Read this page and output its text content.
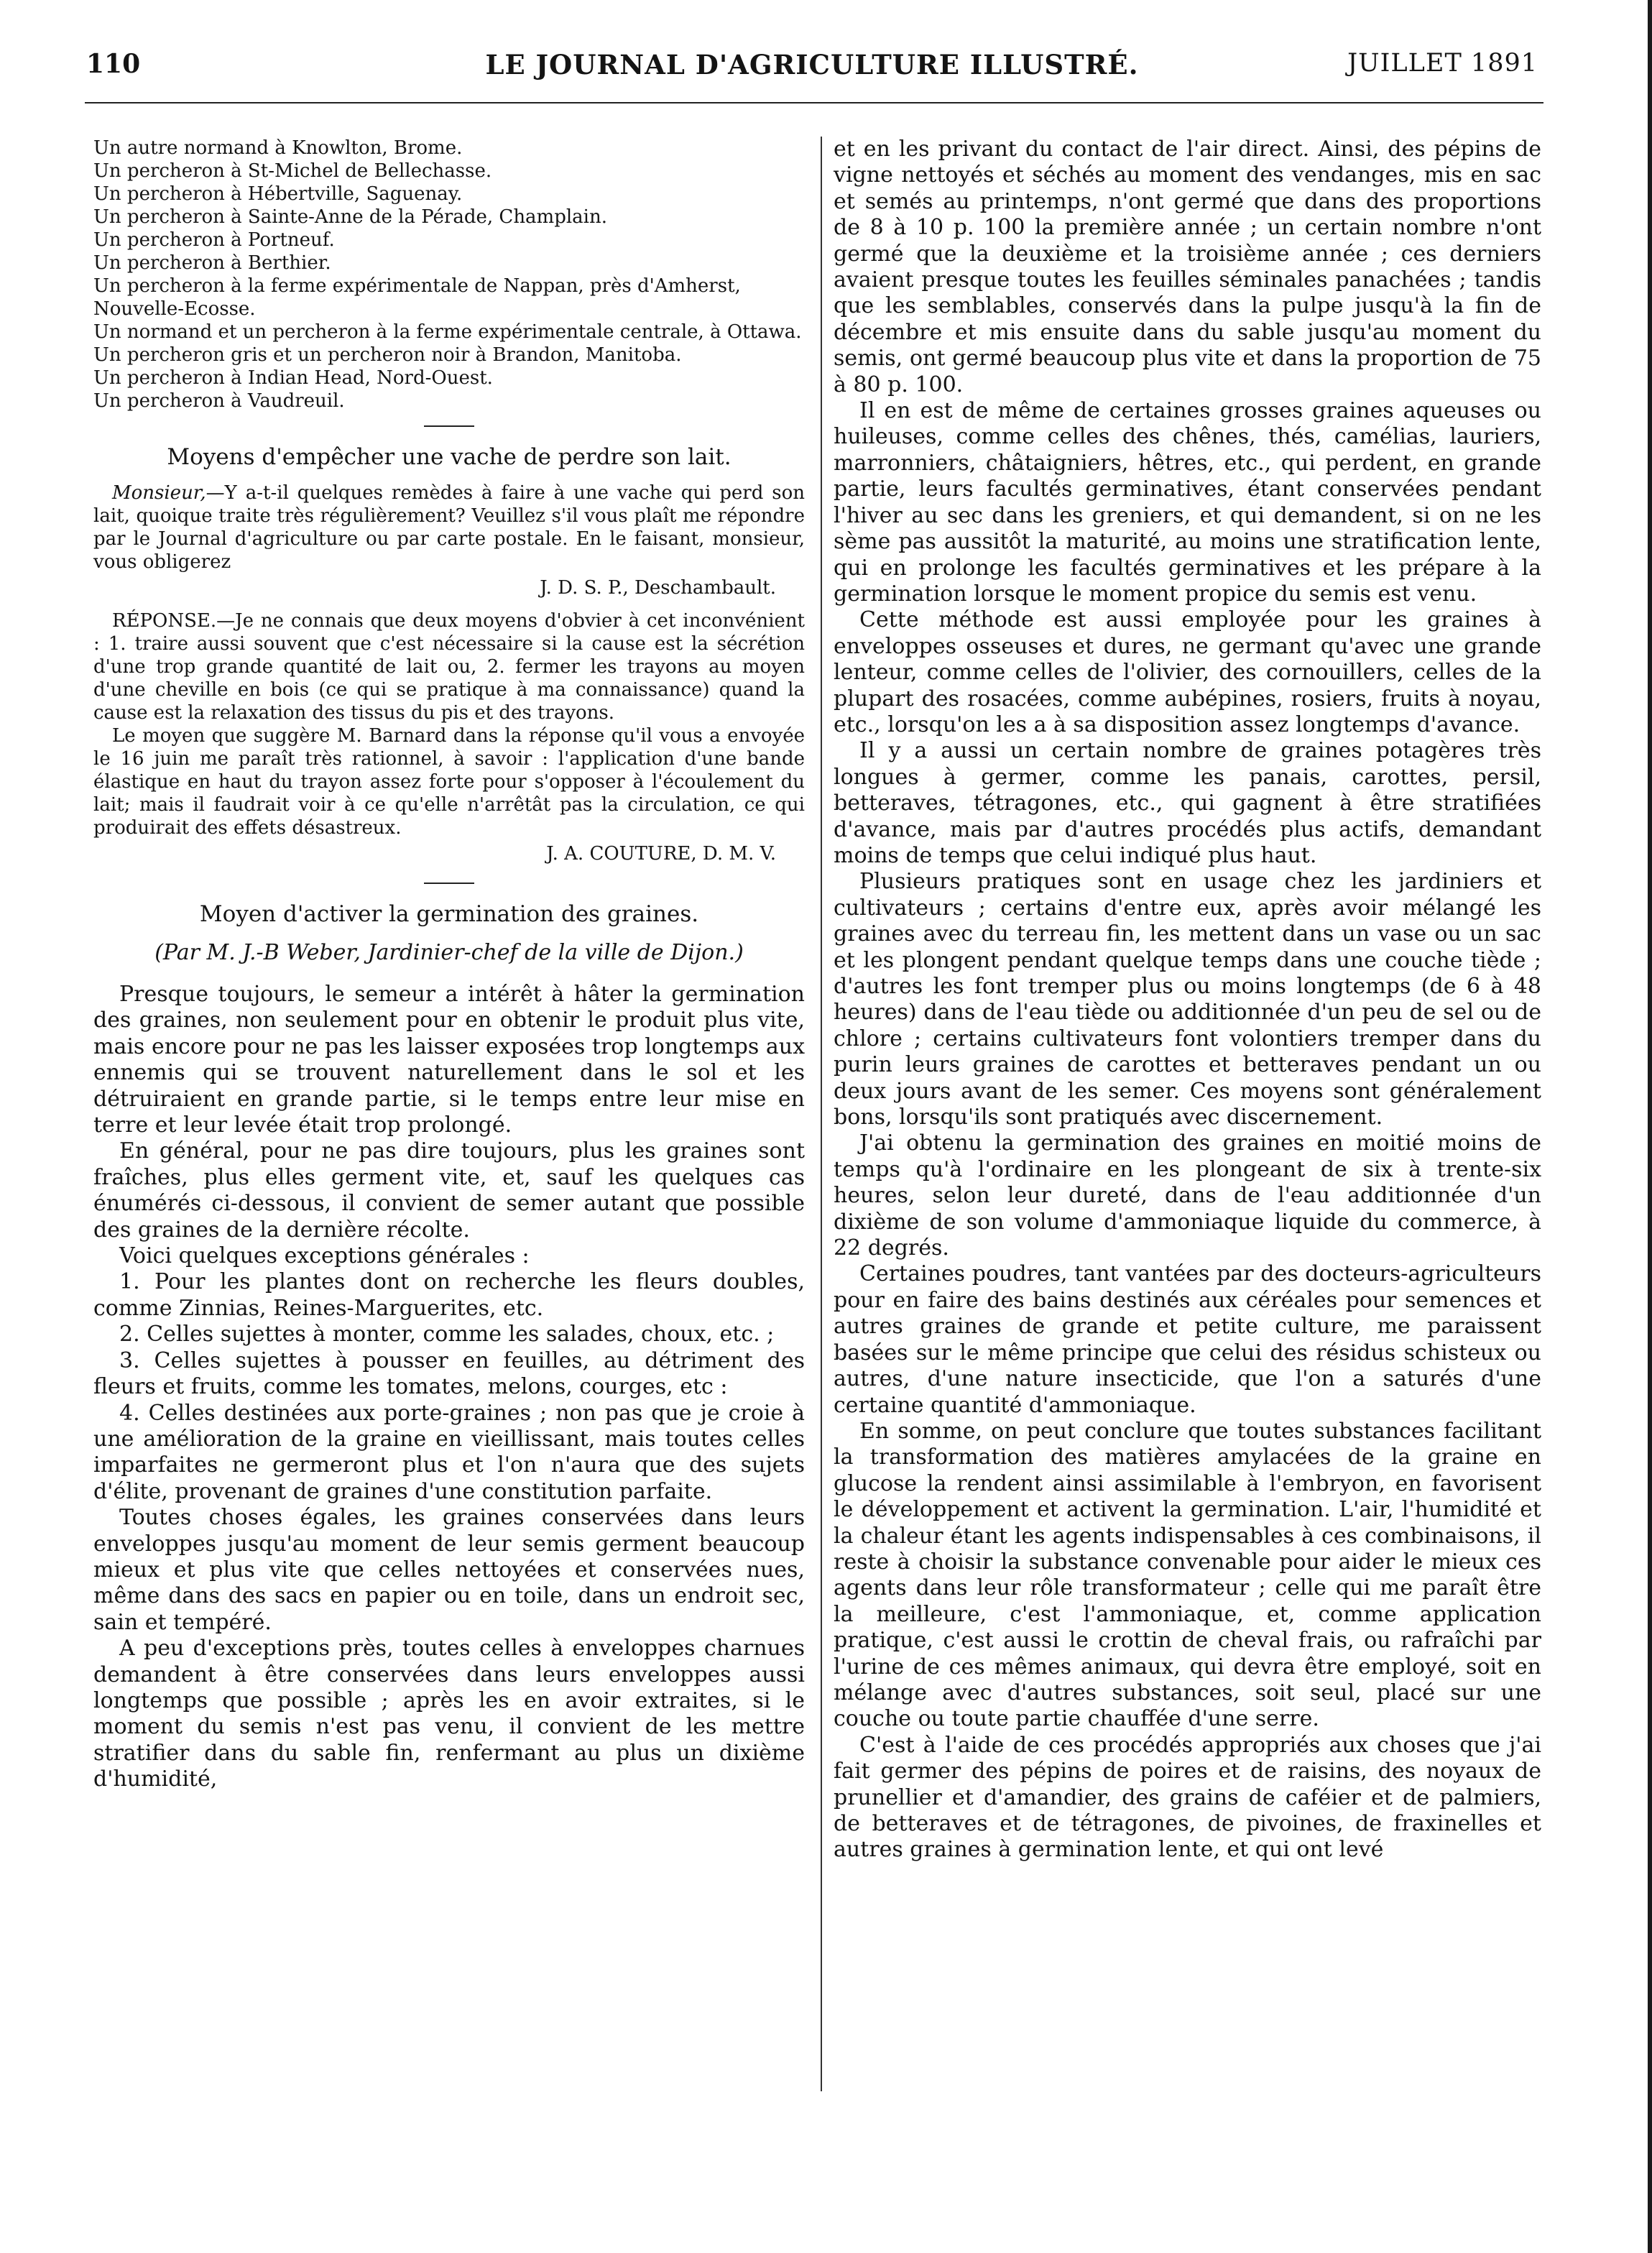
110	LE JOURNAL D'AGRICULTURE ILLUSTRÉ.	JUILLET 1891
Un autre normand à Knowlton, Brome.
Un percheron à St-Michel de Bellechasse.
Un percheron à Hébertville, Saguenay.
Un percheron à Sainte-Anne de la Pérade, Champlain.
Un percheron à Portneuf.
Un percheron à Berthier.
Un percheron à la ferme expérimentale de Nappan, près d'Amherst, Nouvelle-Ecosse.
Un normand et un percheron à la ferme expérimentale centrale, à Ottawa.
Un percheron gris et un percheron noir à Brandon, Manitoba.
Un percheron à Indian Head, Nord-Ouest.
Un percheron à Vaudreuil.
Moyens d'empêcher une vache de perdre son lait.

Monsieur,—Y a-t-il quelques remèdes à faire à une vache qui perd son lait, quoique traite très régulièrement? Veuillez s'il vous plaît me répondre par le Journal d'agriculture ou par carte postale. En le faisant, monsieur, vous obligerez

J. D. S. P., Deschambault.

RÉPONSE.—Je ne connais que deux moyens d'obvier à cet inconvénient : 1. traire aussi souvent que c'est nécessaire si la cause est la sécrétion d'une trop grande quantité de lait ou, 2. fermer les trayons au moyen d'une cheville en bois (ce qui se pratique à ma connaissance) quand la cause est la relaxation des tissus du pis et des trayons.

Le moyen que suggère M. Barnard dans la réponse qu'il vous a envoyée le 16 juin me paraît très rationnel, à savoir : l'application d'une bande élastique en haut du trayon assez forte pour s'opposer à l'écoulement du lait; mais il faudrait voir à ce qu'elle n'arrêtât pas la circulation, ce qui produirait des effets désastreux.

J. A. COUTURE, D. M. V.
Moyen d'activer la germination des graines.
(Par M. J.-B Weber, Jardinier-chef de la ville de Dijon.)

Presque toujours, le semeur a intérêt à hâter la germination des graines, non seulement pour en obtenir le produit plus vite, mais encore pour ne pas les laisser exposées trop longtemps aux ennemis qui se trouvent naturellement dans le sol et les détruiraient en grande partie, si le temps entre leur mise en terre et leur levée était trop prolongé.

En général, pour ne pas dire toujours, plus les graines sont fraîches, plus elles germent vite, et, sauf les quelques cas énumérés ci-dessous, il convient de semer autant que possible des graines de la dernière récolte.

Voici quelques exceptions générales :

1. Pour les plantes dont on recherche les fleurs doubles, comme Zinnias, Reines-Marguerites, etc.

2. Celles sujettes à monter, comme les salades, choux, etc. ;

3. Celles sujettes à pousser en feuilles, au détriment des fleurs et fruits, comme les tomates, melons, courges, etc :

4. Celles destinées aux porte-graines ; non pas que je croie à une amélioration de la graine en vieillissant, mais toutes celles imparfaites ne germeront plus et l'on n'aura que des sujets d'élite, provenant de graines d'une constitution parfaite.

Toutes choses égales, les graines conservées dans leurs enveloppes jusqu'au moment de leur semis germent beaucoup mieux et plus vite que celles nettoyées et conservées nues, même dans des sacs en papier ou en toile, dans un endroit sec, sain et tempéré.

A peu d'exceptions près, toutes celles à enveloppes charnues demandent à être conservées dans leurs enveloppes aussi longtemps que possible ; après les en avoir extraites, si le moment du semis n'est pas venu, il convient de les mettre stratifier dans du sable fin, renfermant au plus un dixième d'humidité,

et en les privant du contact de l'air direct. Ainsi, des pépins de vigne nettoyés et séchés au moment des vendanges, mis en sac et semés au printemps, n'ont germé que dans des proportions de 8 à 10 p. 100 la première année ; un certain nombre n'ont germé que la deuxième et la troisième année ; ces derniers avaient presque toutes les feuilles séminales panachées ; tandis que les semblables, conservés dans la pulpe jusqu'à la fin de décembre et mis ensuite dans du sable jusqu'au moment du semis, ont germé beaucoup plus vite et dans la proportion de 75 à 80 p. 100.

Il en est de même de certaines grosses graines aqueuses ou huileuses, comme celles des chênes, thés, camélias, lauriers, marronniers, châtaigniers, hêtres, etc., qui perdent, en grande partie, leurs facultés germinatives, étant conservées pendant l'hiver au sec dans les greniers, et qui demandent, si on ne les sème pas aussitôt la maturité, au moins une stratification lente, qui en prolonge les facultés germinatives et les prépare à la germination lorsque le moment propice du semis est venu.

Cette méthode est aussi employée pour les graines à enveloppes osseuses et dures, ne germant qu'avec une grande lenteur, comme celles de l'olivier, des cornouillers, celles de la plupart des rosacées, comme aubépines, rosiers, fruits à noyau, etc., lorsqu'on les a à sa disposition assez longtemps d'avance.

Il y a aussi un certain nombre de graines potagères très longues à germer, comme les panais, carottes, persil, betteraves, tétragones, etc., qui gagnent à être stratifiées d'avance, mais par d'autres procédés plus actifs, demandant moins de temps que celui indiqué plus haut.

Plusieurs pratiques sont en usage chez les jardiniers et cultivateurs ; certains d'entre eux, après avoir mélangé les graines avec du terreau fin, les mettent dans un vase ou un sac et les plongent pendant quelque temps dans une couche tiède ; d'autres les font tremper plus ou moins longtemps (de 6 à 48 heures) dans de l'eau tiède ou additionnée d'un peu de sel ou de chlore ; certains cultivateurs font volontiers tremper dans du purin leurs graines de carottes et betteraves pendant un ou deux jours avant de les semer. Ces moyens sont généralement bons, lorsqu'ils sont pratiqués avec discernement.

J'ai obtenu la germination des graines en moitié moins de temps qu'à l'ordinaire en les plongeant de six à trente-six heures, selon leur dureté, dans de l'eau additionnée d'un dixième de son volume d'ammoniaque liquide du commerce, à 22 degrés.

Certaines poudres, tant vantées par des docteurs-agriculteurs pour en faire des bains destinés aux céréales pour semences et autres graines de grande et petite culture, me paraissent basées sur le même principe que celui des résidus schisteux ou autres, d'une nature insecticide, que l'on a saturés d'une certaine quantité d'ammoniaque.

En somme, on peut conclure que toutes substances facilitant la transformation des matières amylacées de la graine en glucose la rendent ainsi assimilable à l'embryon, en favorisent le développement et activent la germination. L'air, l'humidité et la chaleur étant les agents indispensables à ces combinaisons, il reste à choisir la substance convenable pour aider le mieux ces agents dans leur rôle transformateur ; celle qui me paraît être la meilleure, c'est l'ammoniaque, et, comme application pratique, c'est aussi le crottin de cheval frais, ou rafraîchi par l'urine de ces mêmes animaux, qui devra être employé, soit en mélange avec d'autres substances, soit seul, placé sur une couche ou toute partie chauffée d'une serre.

C'est à l'aide de ces procédés appropriés aux choses que j'ai fait germer des pépins de poires et de raisins, des noyaux de prunellier et d'amandier, des grains de caféier et de palmiers, de betteraves et de tétragones, de pivoines, de fraxinelles et autres graines à germination lente, et qui ont levé
